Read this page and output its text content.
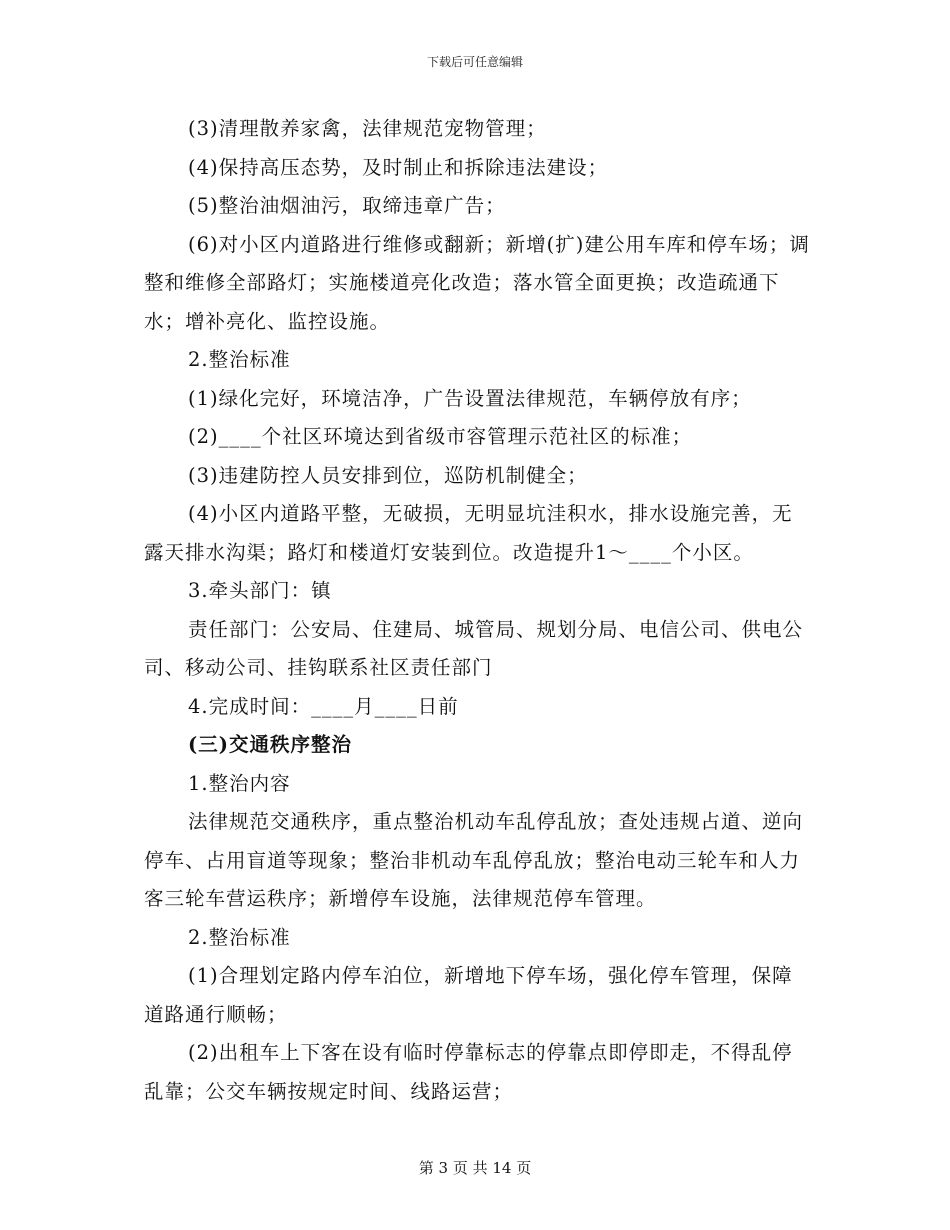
下载后可任意编辑

(3)清理散养家禽，法律规范宠物管理；

(4)保持高压态势，及时制止和拆除违法建设；

(5)整治油烟油污，取缔违章广告；

(6)对小区内道路进行维修或翻新；新增(扩)建公用车库和停车场；调整和维修全部路灯；实施楼道亮化改造；落水管全面更换；改造疏通下水；增补亮化、监控设施。

2.整治标准

(1)绿化完好，环境洁净，广告设置法律规范，车辆停放有序；

(2)____个社区环境达到省级市容管理示范社区的标准；

(3)违建防控人员安排到位，巡防机制健全；

(4)小区内道路平整，无破损，无明显坑洼积水，排水设施完善，无露天排水沟渠；路灯和楼道灯安装到位。改造提升1～____个小区。

3.牵头部门：镇

责任部门：公安局、住建局、城管局、规划分局、电信公司、供电公司、移动公司、挂钩联系社区责任部门

4.完成时间：____月____日前

(三)交通秩序整治

1.整治内容

法律规范交通秩序，重点整治机动车乱停乱放；查处违规占道、逆向停车、占用盲道等现象；整治非机动车乱停乱放；整治电动三轮车和人力客三轮车营运秩序；新增停车设施，法律规范停车管理。

2.整治标准

(1)合理划定路内停车泊位，新增地下停车场，强化停车管理，保障道路通行顺畅；

(2)出租车上下客在设有临时停靠标志的停靠点即停即走，不得乱停乱靠；公交车辆按规定时间、线路运营；

第 3 页 共 14 页
